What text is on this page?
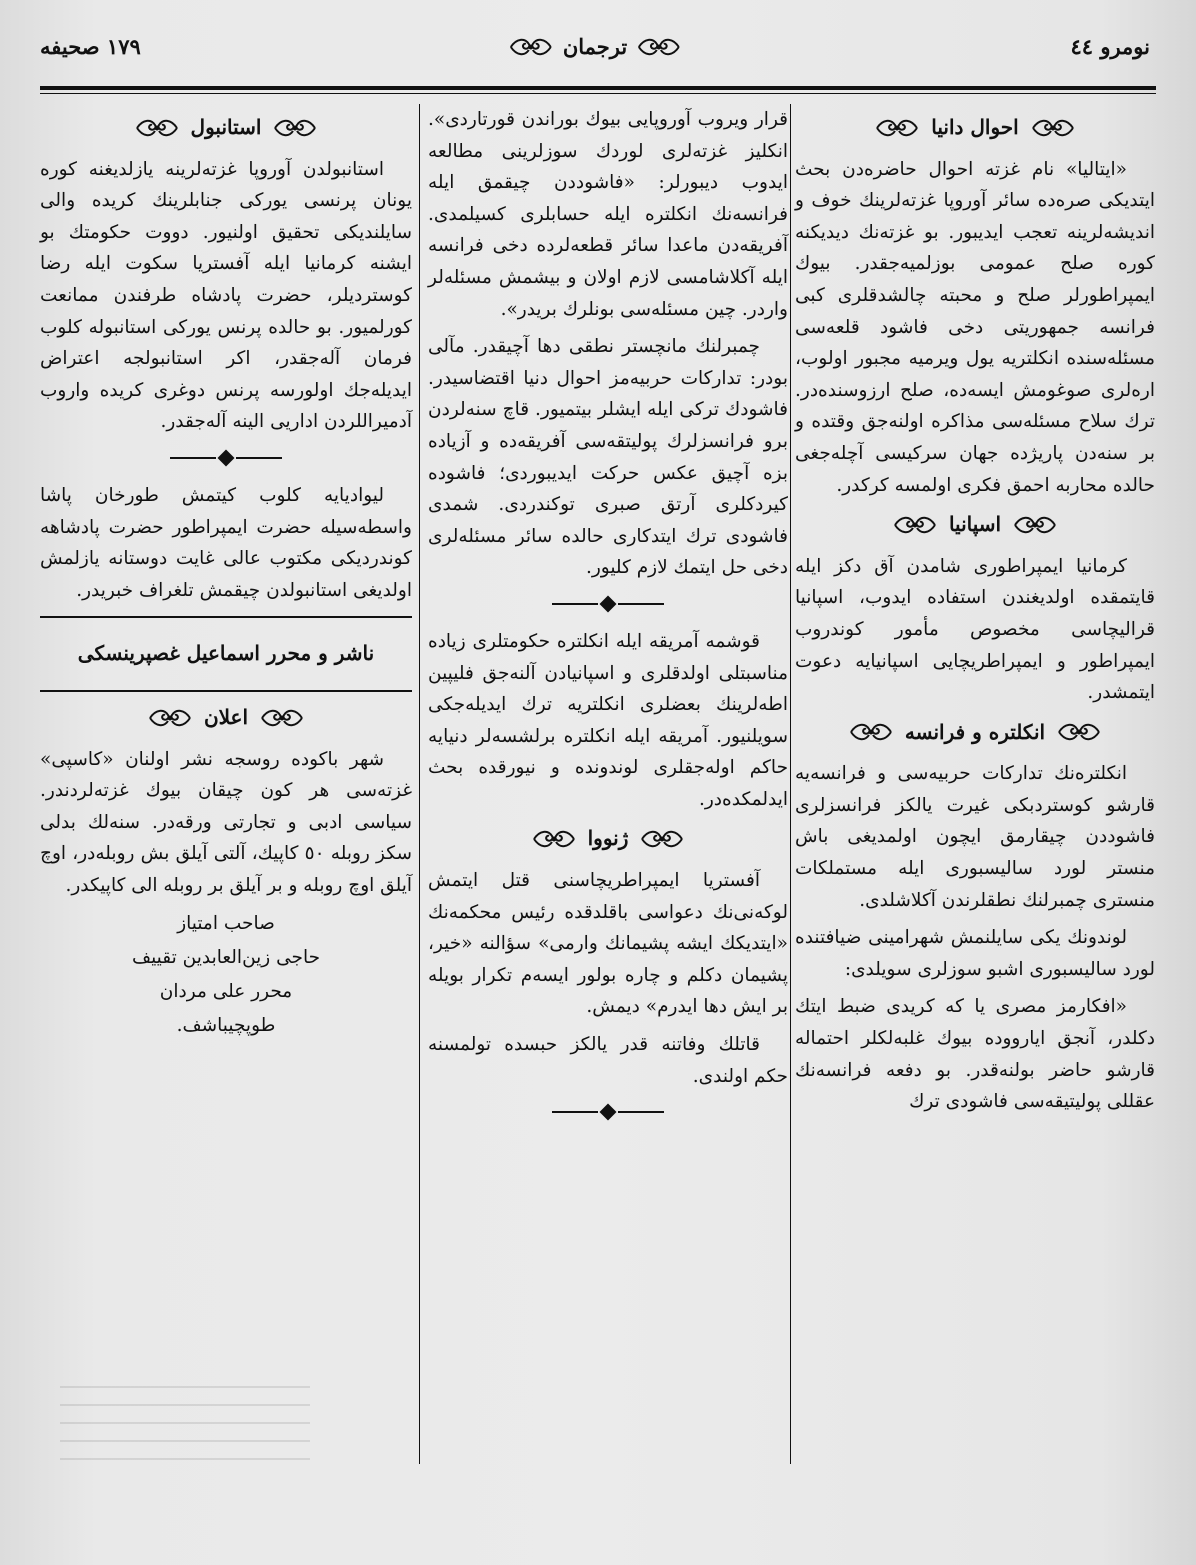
نومرو ٤٤
ترجمان
١٧٩ صحيفه
احوال دانيا

«ايتاليا» نام غزته احوال حاضره‌دن بحث ايتديكى صره‌ده سائر آوروپا غزته‌لرينك خوف و انديشه‌لرينه تعجب ايديبور. بو غزته‌نك ديديكنه كوره صلح عمومى بوزلميه‌جقدر. بيوك ايمپراطورلر صلح و محبته چالشدقلرى كبى فرانسه جمهوريتى دخى فاشود قلعه‌سى مسئله‌سنده انكلتريه يول ويرميه مجبور اولوب، اره‌لرى صوغومش ايسه‌ده، صلح ارزوسنده‌در. ترك سلاح مسئله‌سى مذاكره اولنه‌جق وقتده و بر سنه‌دن پاريژده جهان سركيسى آچله‌جغى حالده محاربه احمق فكرى اولمسه كركدر.

اسپانيا

كرمانيا ايمپراطورى شامدن آق دكز ايله قايتمقده اولديغندن استفاده ايدوب، اسپانيا قراليچاسى مخصوص مأمور كوندروب ايمپراطور و ايمپراطريچايى اسپانيايه دعوت ايتمشدر.

انكلتره و فرانسه

انكلتره‌نك تداركات حربيه‌سى و فرانسه‌يه قارشو كوستردبكى غيرت يالكز فرانسزلرى فاشوددن چيقارمق ايچون اولمديغى باش منستر لورد ساليسبورى ايله مستملكات منسترى چمبرلنك نطقلرندن آكلاشلدى.

لوندونك يكى سايلنمش شهرامينى ضيافتنده لورد ساليسبورى اشبو سوزلرى سويلدى:

«افكارمز مصرى يا كه كريدى ضبط ايتك دكلدر، آنجق ايارووده بيوك غلبه‌لكلر احتماله قارشو حاضر بولنه‌قدر. بو دفعه فرانسه‌نك عقللى پوليتيقه‌سى فاشودى ترك

قرار ويروب آوروپايى بيوك بوراندن قورتاردى». انكليز غزته‌لرى لوردك سوزلرينى مطالعه ايدوب ديبورلر: «فاشوددن چيقمق ايله فرانسه‌نك انكلتره ايله حسابلرى كسيلمدى. آفريقه‌دن ماعدا سائر قطعه‌لرده دخى فرانسه ايله آكلاشامسى لازم اولان و بيشمش مسئله‌لر واردر. چين مسئله‌سى بونلرك بريدر».

چمبرلنك مانچستر نطقى دها آچيقدر. مآلى بودر: تداركات حربيه‌مز احوال دنيا اقتضاسيدر. فاشودك تركى ايله ايشلر بيتميور. قاچ سنه‌لردن برو فرانسزلرك پوليتقه‌سى آفريقه‌ده و آزياده بزه آچيق عكس حركت ايديبوردى؛ فاشوده كيردكلرى آرتق صبرى توكندردى. شمدى فاشودى ترك ايتدكارى حالده سائر مسئله‌لرى دخى حل ايتمك لازم كليور.

قوشمه آمريقه ايله انكلتره حكومتلرى زياده مناسبتلى اولدقلرى و اسپانيادن آلنه‌جق فليپين اطه‌لرينك بعضلرى انكلتريه ترك ايديله‌جكى سويلنيور. آمريقه ايله انكلتره برلشسه‌لر دنيايه حاكم اوله‌جقلرى لوندونده و نيورقده بحث ايدلمكده‌در.

ژنووا

آفستريا ايمپراطريچاسنى قتل ايتمش لوكه‌نى‌نك دعواسى باقلدقده رئيس محكمه‌نك «ايتديكك ايشه پشيمانك وارمى» سؤالنه «خير، پشيمان دكلم و چاره بولور ايسه‌م تكرار بويله بر ايش دها ايدرم» ديمش.

قاتلك وفاتنه قدر يالكز حبسده تولمسنه حكم اولندى.

استانبول

استانبولدن آوروپا غزته‌لرينه يازلديغنه كوره يونان پرنسى يوركى جنابلرينك كريده والى سايلنديكى تحقيق اولنيور. دووت حكومتك بو ايشنه كرمانيا ايله آفستريا سكوت ايله رضا كوسترديلر، حضرت پادشاه طرفندن ممانعت كورلميور. بو حالده پرنس يوركى استانبوله كلوب فرمان آله‌جقدر، اكر استانبولجه اعتراض ايديله‌جك اولورسه پرنس دوغرى كريده واروب آدميراللردن اداريى الينه آله‌جقدر.

ليواديايه كلوب كيتمش طورخان پاشا واسطه‌سيله حضرت ايمپراطور حضرت پادشاهه كوندرديكى مكتوب عالى غايت دوستانه يازلمش اولديغى استانبولدن چيقمش تلغراف خبريدر.

ناشر و محرر اسماعيل غصپرينسكى
اعلان

شهر باكوده روسجه نشر اولنان «كاسپى» غزته‌سى هر كون چيقان بيوك غزته‌لردندر. سياسى ادبى و تجارتى ورقه‌در. سنه‌لك بدلى سكز روبله ٥٠ كاپيك، آلتى آيلق بش روبله‌در، اوچ آيلق اوچ روبله و بر آيلق بر روبله الى كاپيكدر.

صاحب امتياز
حاجى زين‌العابدين تقييف
محرر على مردان
طوپچيباشف.
